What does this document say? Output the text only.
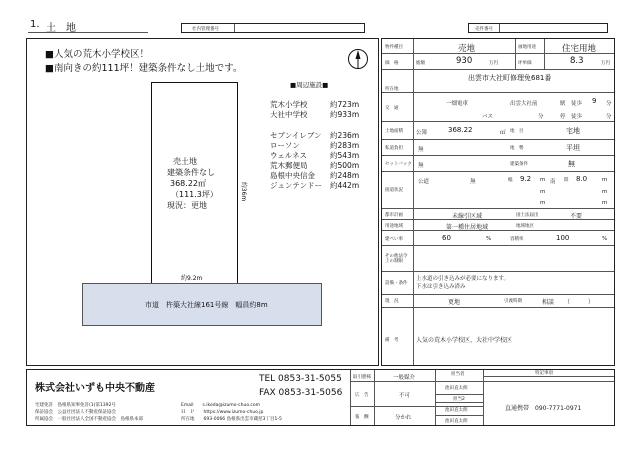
1. 土　地	社内管理番号	売件番号
■人気の荒木小学校区！
■南向きの約111坪！建築条件なし土地です。
■周辺施設■
荒木小学校	約723m
大社中学校	約933m
セブンイレブン 約236m
ローソン	約283m
ウェルネス	約543m
荒木郵便局	約500m
島根中央信金 約248m
ジュンテンドー 約442m
売土地
建築条件なし
368.22㎡
（111.3坪）
現況：更地
約36m
約9.2m
市道　杵築大社線161号線　幅員約8m
物件種目	売地	画地用途	住宅用地
価　格	総額	930	万円	坪単価	8.3	万円
所在地
出雲市大社町修理免681番
交　通
一畑電車	出雲大社前	駅　徒歩 9 分
バス	分	停　徒歩	分
土地面積 公簿	368.22	㎡ 地　目	宅地
私道負担	無	地　勢	平坦
セットバック 無	建築条件	無
接道状況
公道	無	幅 9.2 m 南 間 8.0	m
m	m
m	m
都市計画	未線引区域	国土法届出	不要
用途地域	第一種住居地域	地域地区
建ぺい率	60	%	容積率	100	%
その他法令上の制限
設備・条件
上水道の引き込みが必要になります。
下水は引き込み済み
現　況	更地	引渡時期	相談 （　　　）
備　考	人気の荒木小学校区、大社中学校区
株式会社いずも中央不動産
TEL 0853-31-5055
FAX 0853-31-5056
宅建免許　島根県知事免許(1)第1392号
保証協会　公益社団法人不動産保証協会
所属協会　一般社団法人全国不動産協会　島根県本部
Email　　s.ikeda@izumo-chuo.com
Ｈ　Ｐ　　https://www.izumo-chuo.jp
所在地　　693-0066 島根県出雲市蔵慈3丁目1-5
取引態様	一般媒介
広　告	不可
報　酬	分かれ
担当者
池田直太朗
担当2
池田直太朗
池田直太朗
特記事項
直通携帯　090-7771-0971
